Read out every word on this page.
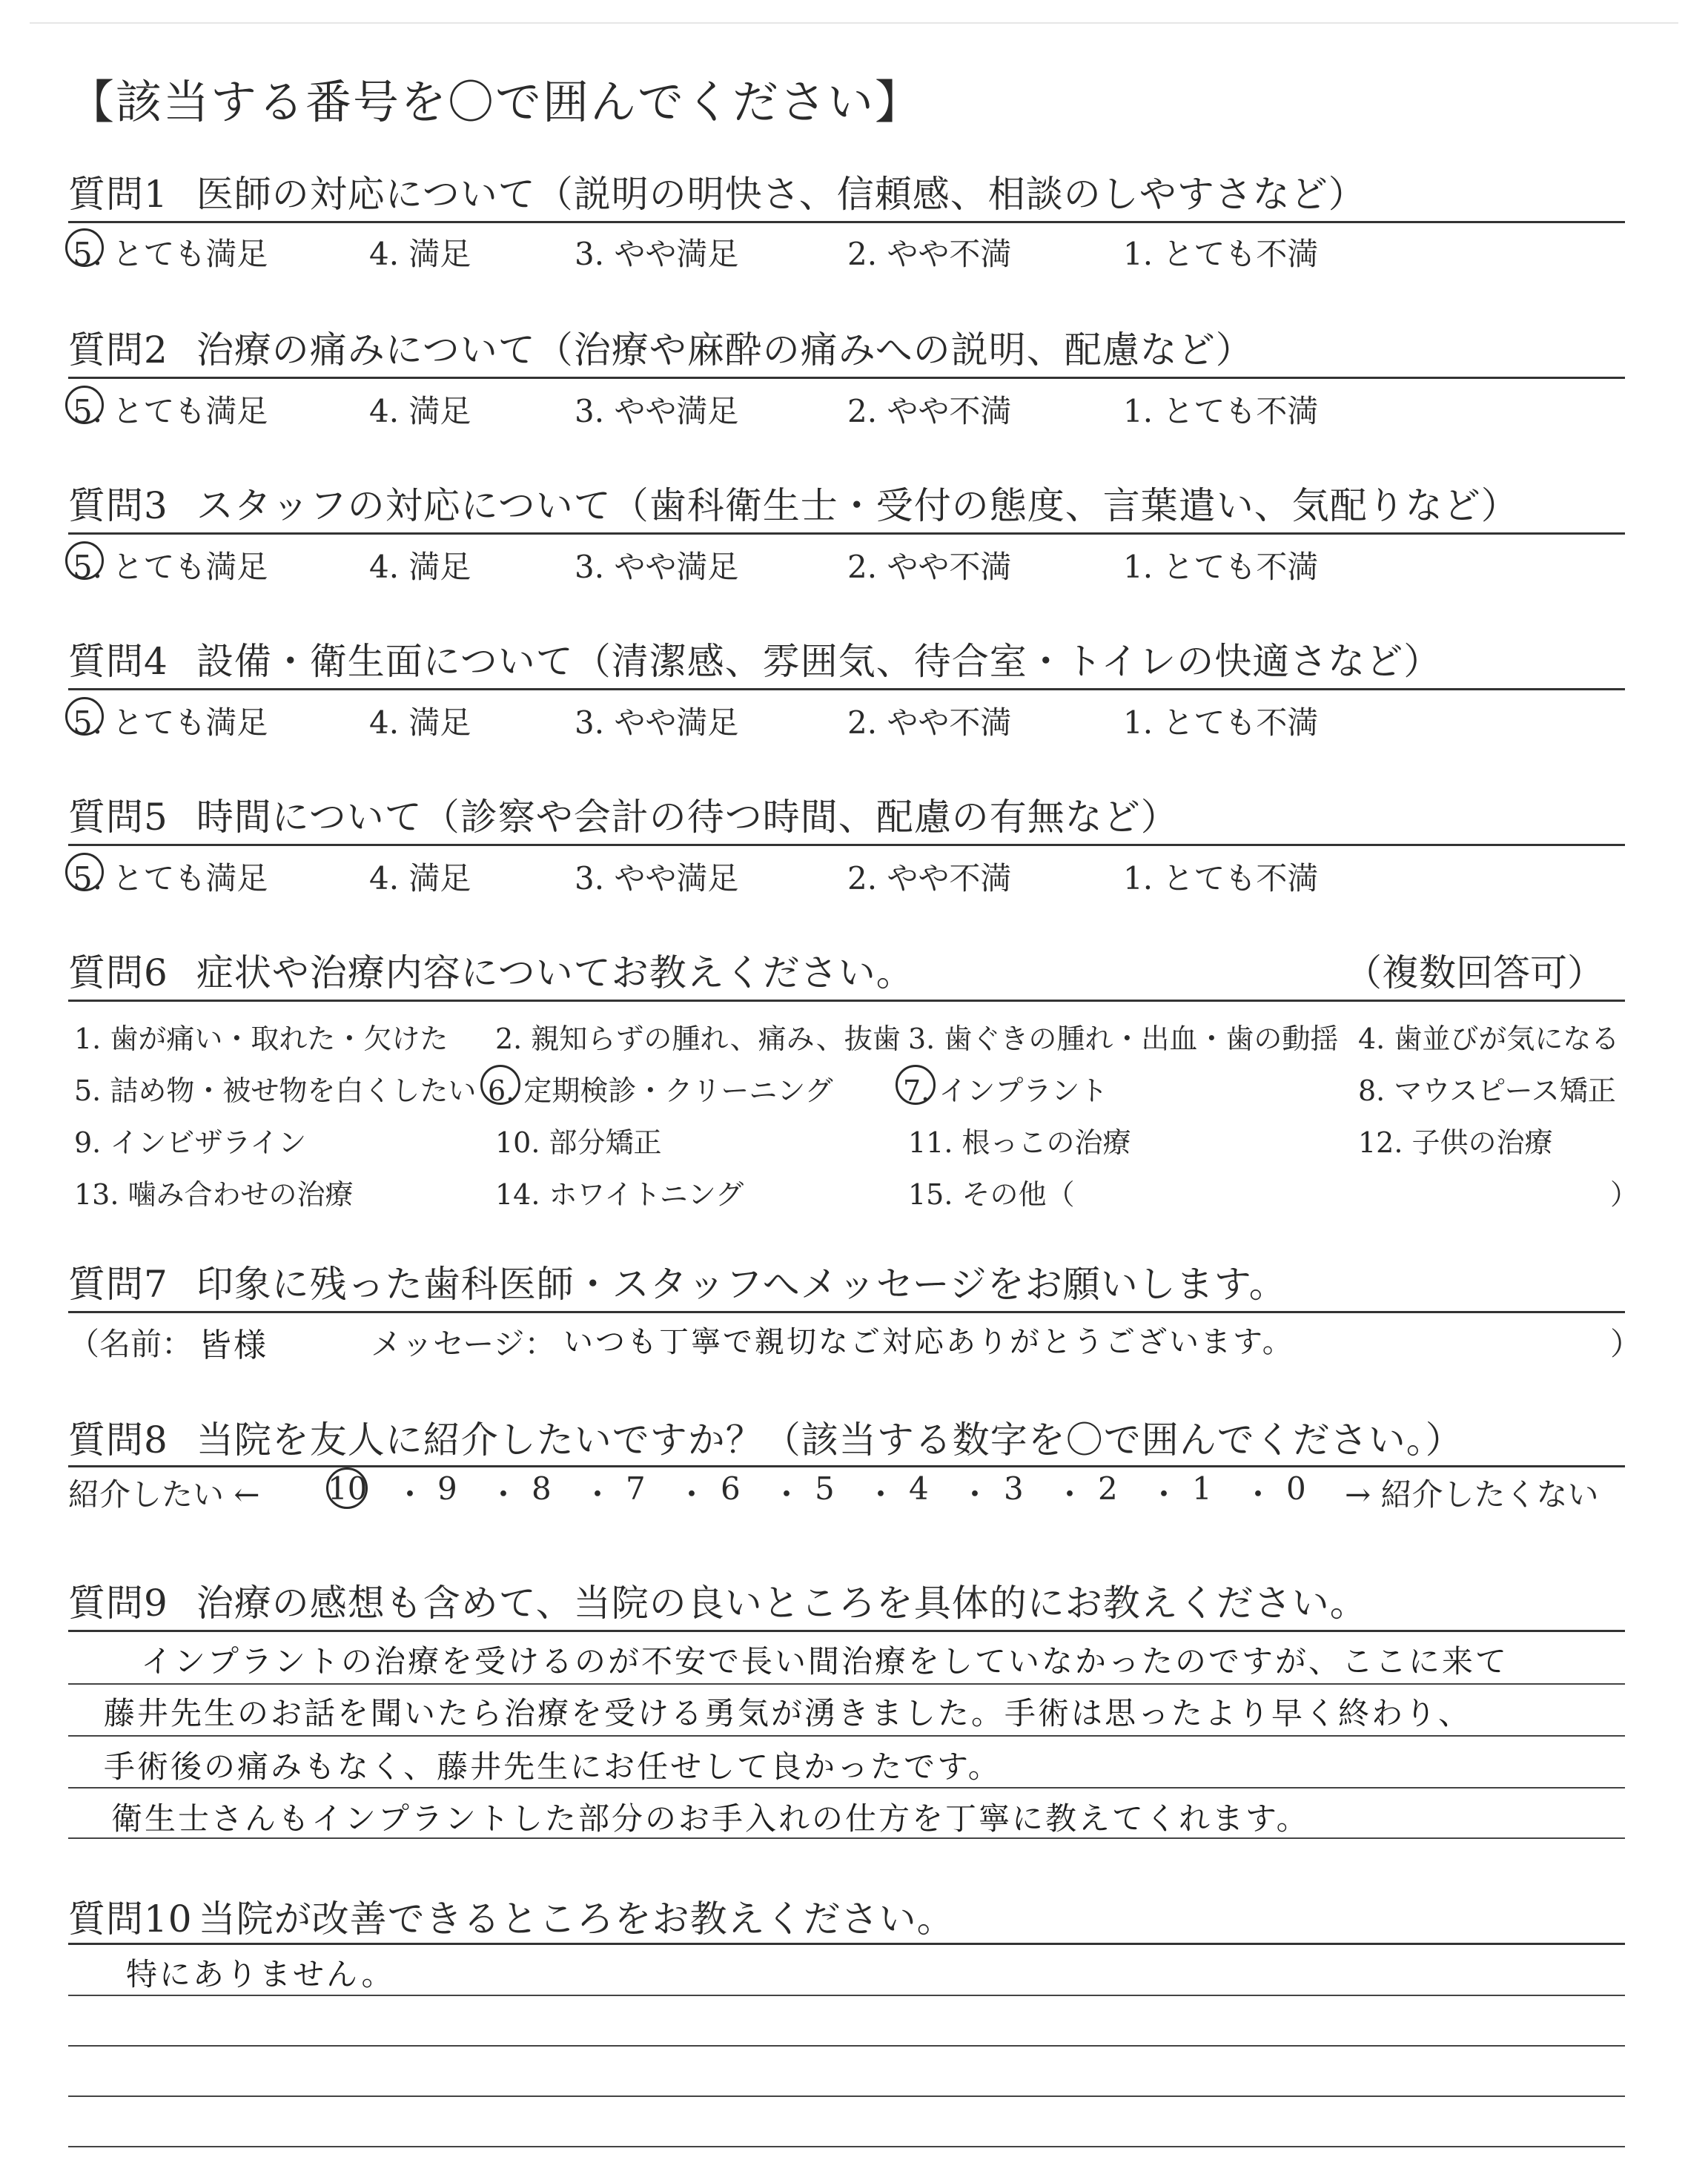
【該当する番号を〇で囲んでください】
質問1 医師の対応について（説明の明快さ、信頼感、相談のしやすさなど）
5. とても満足	4. 満足	3. やや満足	2. やや不満	1. とても不満
質問2 治療の痛みについて（治療や麻酔の痛みへの説明、配慮など）
5. とても満足	4. 満足	3. やや満足	2. やや不満	1. とても不満
質問3 スタッフの対応について（歯科衛生士・受付の態度、言葉遣い、気配りなど）
5. とても満足	4. 満足	3. やや満足	2. やや不満	1. とても不満
質問4 設備・衛生面について（清潔感、雰囲気、待合室・トイレの快適さなど）
5. とても満足	4. 満足	3. やや満足	2. やや不満	1. とても不満
質問5 時間について（診察や会計の待つ時間、配慮の有無など）
5. とても満足	4. 満足	3. やや満足	2. やや不満	1. とても不満
質問6 症状や治療内容についてお教えください。	（複数回答可）
1. 歯が痛い・取れた・欠けた 2. 親知らずの腫れ、痛み、抜歯 3. 歯ぐきの腫れ・出血・歯の動揺 4. 歯並びが気になる
5. 詰め物・被せ物を白くしたい 6. 定期検診・クリーニング 7. インプラント	8. マウスピース矯正
9. インビザライン	10. 部分矯正	11. 根っこの治療	12. 子供の治療
13. 噛み合わせの治療	14. ホワイトニング	15. その他（	）
質問7 印象に残った歯科医師・スタッフへメッセージをお願いします。
（名前： 皆様	メッセージ： いつも丁寧で親切なご対応ありがとうございます。	）
質問8 当院を友人に紹介したいですか？（該当する数字を〇で囲んでください。）
紹介したい ← 10 ・ 9 ・ 8 ・ 7 ・ 6 ・ 5 ・ 4 ・ 3 ・ 2 ・ 1 ・ 0 → 紹介したくない
質問9 治療の感想も含めて、当院の良いところを具体的にお教えください。
インプラントの治療を受けるのが不安で長い間治療をしていなかったのですが、ここに来て
藤井先生のお話を聞いたら治療を受ける勇気が湧きました。手術は思ったより早く終わり、
手術後の痛みもなく、藤井先生にお任せして良かったです。
衛生士さんもインプラントした部分のお手入れの仕方を丁寧に教えてくれます。
質問10 当院が改善できるところをお教えください。
特にありません。
